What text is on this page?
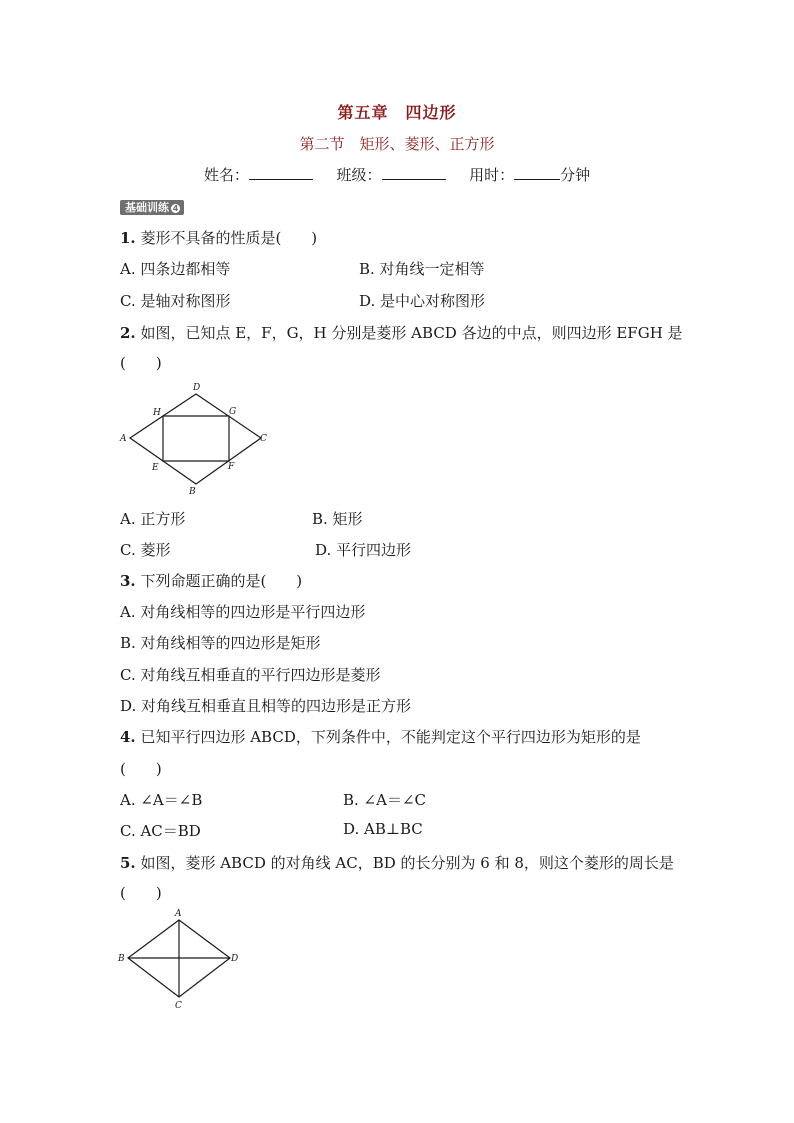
第五章　四边形
第二节　矩形、菱形、正方形
姓名：	班级：	用时：	分钟
基础训练 4
1. 菱形不具备的性质是(　　)
A. 四条边都相等	B. 对角线一定相等
C. 是轴对称图形	D. 是中心对称图形
2. 如图，已知点 E，F，G，H 分别是菱形 ABCD 各边的中点，则四边形 EFGH 是
(　　)
D
H	G
A	C
E	F
B
A. 正方形	B. 矩形
C. 菱形	D. 平行四边形
3. 下列命题正确的是(　　)
A. 对角线相等的四边形是平行四边形
B. 对角线相等的四边形是矩形
C. 对角线互相垂直的平行四边形是菱形
D. 对角线互相垂直且相等的四边形是正方形
4. 已知平行四边形 ABCD，下列条件中，不能判定这个平行四边形为矩形的是
(　　)
A. ∠A＝∠B	B. ∠A＝∠C
C. AC＝BD	D. AB⊥BC
5. 如图，菱形 ABCD 的对角线 AC，BD 的长分别为 6 和 8，则这个菱形的周长是
(　　)
A
B	D
C
